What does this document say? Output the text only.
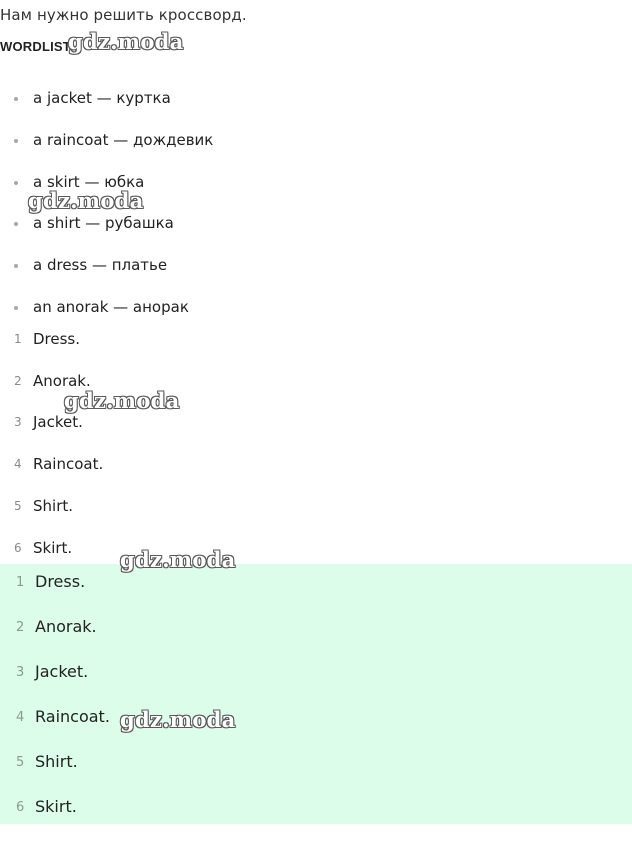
Нам нужно решить кроссворд.
WORDLIST
a jacket — куртка
a raincoat — дождевик
a skirt — юбка
a shirt — рубашка
a dress — платье
an anorak — анорак
1 Dress.
2 Anorak.
3 Jacket.
4 Raincoat.
5 Shirt.
6 Skirt.
1 Dress.
2 Anorak.
3 Jacket.
4 Raincoat.
5 Shirt.
6 Skirt.
gdz.moda
gdz.moda
gdz.moda
gdz.moda
gdz.moda
